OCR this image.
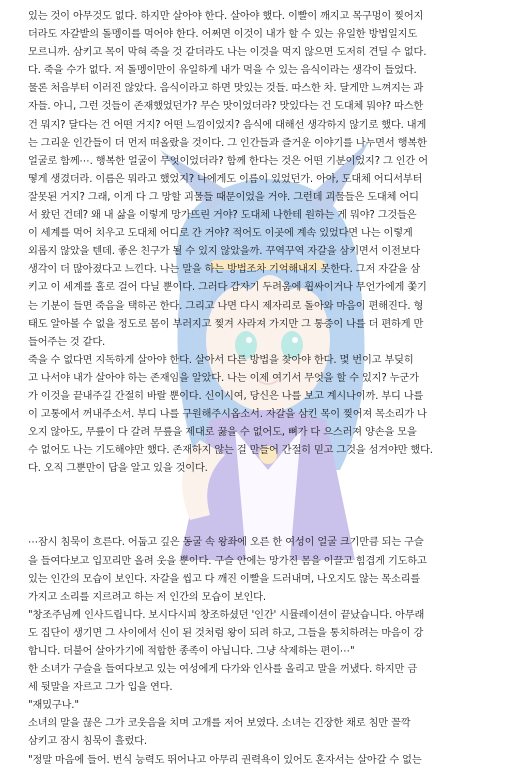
있는 것이 아무것도 없다. 하지만 살아야 한다. 살아야 했다. 이빨이 깨지고 목구멍이 찢어지
더라도 자갈밭의 돌멩이를 먹어야 한다. 어쩌면 이것이 내가 할 수 있는 유일한 방법일지도
모르니까. 삼키고 목이 막혀 죽을 것 같더라도 나는 이것을 먹지 않으면 도저히 견딜 수 없다.
다. 죽을 수가 없다. 저 돌멩이만이 유일하게 내가 먹을 수 있는 음식이라는 생각이 들었다.
물론 처음부터 이러진 않았다. 음식이라고 하면 맛있는 것들. 따스한 차. 달게만 느껴지는 과
자들. 아니, 그런 것들이 존재했었던가? 무슨 맛이었더라? 맛있다는 건 도대체 뭐야? 따스한
건 뭐지? 달다는 건 어떤 거지? 어떤 느낌이었지? 음식에 대해선 생각하지 않기로 했다. 내게
는 그리운 인간들이 더 먼저 떠올랐을 것이다. 그 인간들과 즐거운 이야기를 나누면서 행복한
얼굴로 함께⋯. 행복한 얼굴이 무엇이었더라? 함께 한다는 것은 어떤 기분이었지? 그 인간 어
떻게 생겼더라. 이름은 뭐라고 했었지? 나에게도 이름이 있었던가. 아아, 도대체 어디서부터
잘못된 거지? 그래, 이게 다 그 망할 괴물들 때문이었을 거야. 그런데 괴물들은 도대체 어디
서 왔던 건데? 왜 내 삶을 이렇게 망가뜨린 거야? 도대체 나한테 원하는 게 뭐야? 그것들은
이 세계를 먹어 치우고 도대체 어디로 간 거야? 적어도 이곳에 계속 있었다면 나는 이렇게
외롭지 않았을 텐데. 좋은 친구가 될 수 있지 않았을까. 꾸역꾸역 자갈을 삼키면서 이전보다
생각이 더 많아졌다고 느낀다. 나는 말을 하는 방법조차 기억해내지 못한다. 그저 자갈을 삼
키고 이 세계를 홀로 걸어 다닐 뿐이다. 그러다 갑자기 두려움에 휩싸이거나 무언가에게 쫓기
는 기분이 들면 죽음을 택하곤 한다. 그리고 나면 다시 제자리로 돌아와 마음이 편해진다. 형
태도 알아볼 수 없을 정도로 몸이 부러지고 찢겨 사라져 가지만 그 통증이 나를 더 편하게 만
들어주는 것 같다.
죽을 수 없다면 지독하게 살아야 한다. 살아서 다른 방법을 찾아야 한다. 몇 번이고 부딪히
고 나서야 내가 살아야 하는 존재임을 알았다. 나는 이제 여기서 무엇을 할 수 있지? 누군가
가 이것을 끝내주길 간절히 바랄 뿐이다. 신이시여, 당신은 나를 보고 계시나이까. 부디 나를
이 고통에서 꺼내주소서. 부디 나를 구원해주시옵소서. 자갈을 삼킨 목이 찢어져 목소리가 나
오지 않아도, 무릎이 다 갈려 무릎을 제대로 꿇을 수 없어도, 뼈가 다 으스러져 양손을 모을
수 없어도 나는 기도해야만 했다. 존재하지 않는 걸 만들어 간절히 믿고 그것을 섬겨야만 했다.
다. 오직 그뿐만이 답을 알고 있을 것이다.
⋯잠시 침묵이 흐른다. 어둡고 깊은 동굴 속 왕좌에 오른 한 여성이 얼굴 크기만큼 되는 구슬
을 들여다보고 입꼬리만 올려 웃을 뿐이다. 구슬 안에는 망가진 몸을 이끌고 힘겹게 기도하고
있는 인간의 모습이 보인다. 자갈을 씹고 다 깨진 이빨을 드러내며, 나오지도 않는 목소리를
가지고 소리를 지르려고 하는 저 인간의 모습이 보인다.
"창조주님께 인사드립니다. 보시다시피 창조하셨던 '인간' 시뮬레이션이 끝났습니다. 아무래
도 집단이 생기면 그 사이에서 신이 된 것처럼 왕이 되려 하고, 그들을 통치하려는 마음이 강
합니다. 더불어 살아가기에 적합한 종족이 아닙니다. 그냥 삭제하는 편이⋯"
한 소녀가 구슬을 들여다보고 있는 여성에게 다가와 인사를 올리고 말을 꺼냈다. 하지만 금
세 뒷말을 자르고 그가 입을 연다.
"재밌구나."
소녀의 말을 끊은 그가 코웃음을 치며 고개를 저어 보였다. 소녀는 긴장한 채로 침만 꼴깍
삼키고 잠시 침묵이 흘렀다.
"정말 마음에 들어. 번식 능력도 뛰어나고 아무리 권력욕이 있어도 혼자서는 살아갈 수 없는
